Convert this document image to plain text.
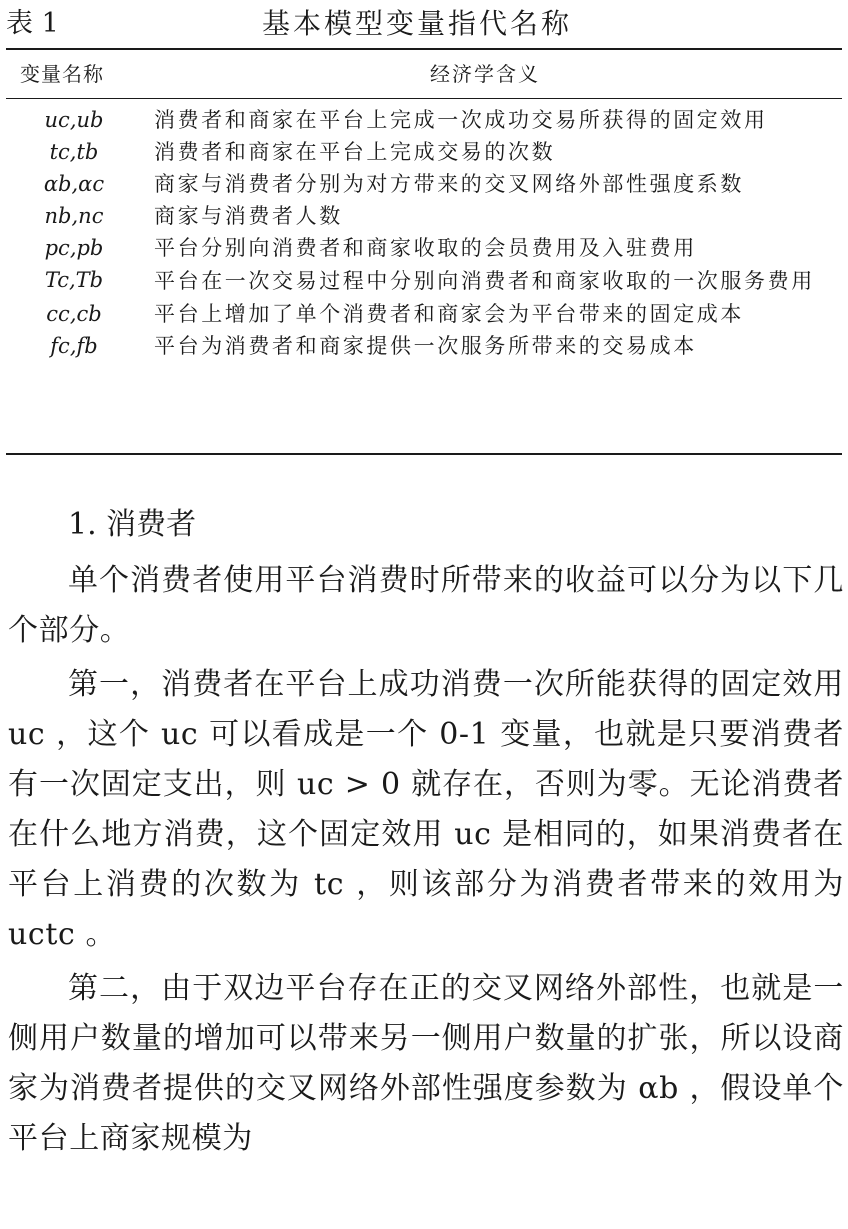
表 1	基本模型变量指代名称
变量名称	经济学含义
uc,ub	消费者和商家在平台上完成一次成功交易所获得的固定效用
tc,tb	消费者和商家在平台上完成交易的次数
αb,αc	商家与消费者分别为对方带来的交叉网络外部性强度系数
nb,nc	商家与消费者人数
pc,pb	平台分别向消费者和商家收取的会员费用及入驻费用
Tc,Tb	平台在一次交易过程中分别向消费者和商家收取的一次服务费用
cc,cb	平台上增加了单个消费者和商家会为平台带来的固定成本
fc,fb	平台为消费者和商家提供一次服务所带来的交易成本

1. 消费者

单个消费者使用平台消费时所带来的收益可以分为以下几个部分。

第一，消费者在平台上成功消费一次所能获得的固定效用 uc ，这个 uc 可以看成是一个 0-1 变量，也就是只要消费者有一次固定支出，则 uc > 0 就存在，否则为零。无论消费者在什么地方消费，这个固定效用 uc 是相同的，如果消费者在平台上消费的次数为 tc ，则该部分为消费者带来的效用为 uctc 。

第二，由于双边平台存在正的交叉网络外部性，也就是一侧用户数量的增加可以带来另一侧用户数量的扩张，所以设商家为消费者提供的交叉网络外部性强度参数为 αb ，假设单个平台上商家规模为
